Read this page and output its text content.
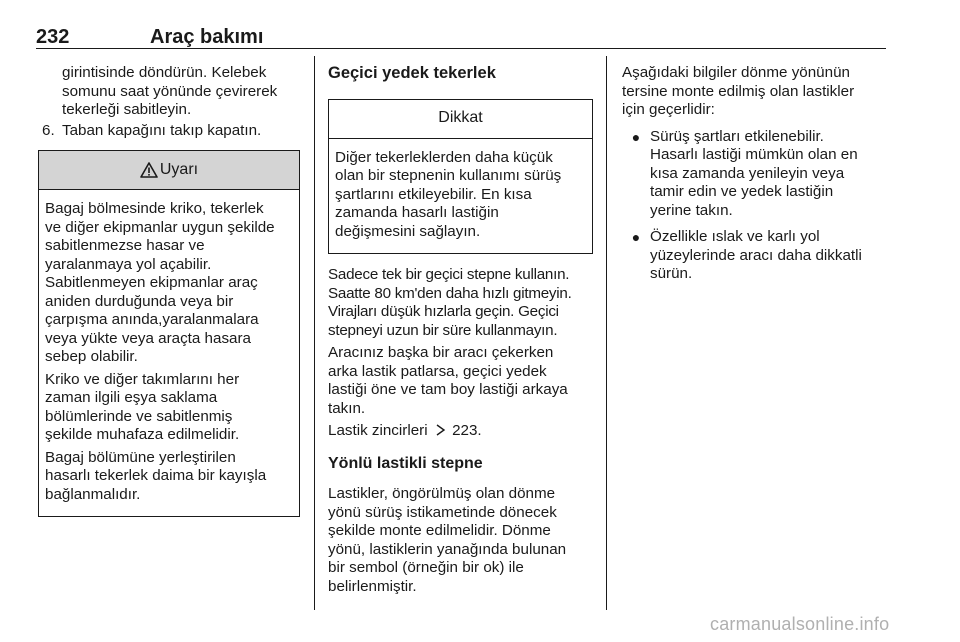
232	Araç bakımı
girintisinde döndürün. Kelebek
somunu saat yönünde çevirerek
tekerleği sabitleyin.
6. Taban kapağını takıp kapatın.
Uyarı

Bagaj bölmesinde kriko, tekerlek
ve diğer ekipmanlar uygun şekilde
sabitlenmezse hasar ve
yaralanmaya yol açabilir.
Sabitlenmeyen ekipmanlar araç
aniden durduğunda veya bir
çarpışma anında,yaralanmalara
veya yükte veya araçta hasara
sebep olabilir.

Kriko ve diğer takımlarını her
zaman ilgili eşya saklama
bölümlerinde ve sabitlenmiş
şekilde muhafaza edilmelidir.

Bagaj bölümüne yerleştirilen
hasarlı tekerlek daima bir kayışla
bağlanmalıdır.

Geçici yedek tekerlek
Dikkat

Diğer tekerleklerden daha küçük
olan bir stepnenin kullanımı sürüş
şartlarını etkileyebilir. En kısa
zamanda hasarlı lastiğin
değişmesini sağlayın.

Sadece tek bir geçici stepne kullanın.
Saatte 80 km'den daha hızlı gitmeyin.
Virajları düşük hızlarla geçin. Geçici
stepneyi uzun bir süre kullanmayın.

Aracınız başka bir aracı çekerken
arka lastik patlarsa, geçici yedek
lastiği öne ve tam boy lastiği arkaya
takın.

Lastik zincirleri 223.

Yönlü lastikli stepne

Lastikler, öngörülmüş olan dönme
yönü sürüş istikametinde dönecek
şekilde monte edilmelidir. Dönme
yönü, lastiklerin yanağında bulunan
bir sembol (örneğin bir ok) ile
belirlenmiştir.

Aşağıdaki bilgiler dönme yönünün
tersine monte edilmiş olan lastikler
için geçerlidir:

● Sürüş şartları etkilenebilir.
Hasarlı lastiği mümkün olan en
kısa zamanda yenileyin veya
tamir edin ve yedek lastiğin
yerine takın.
● Özellikle ıslak ve karlı yol
yüzeylerinde aracı daha dikkatli
sürün.
carmanualsonline.info
